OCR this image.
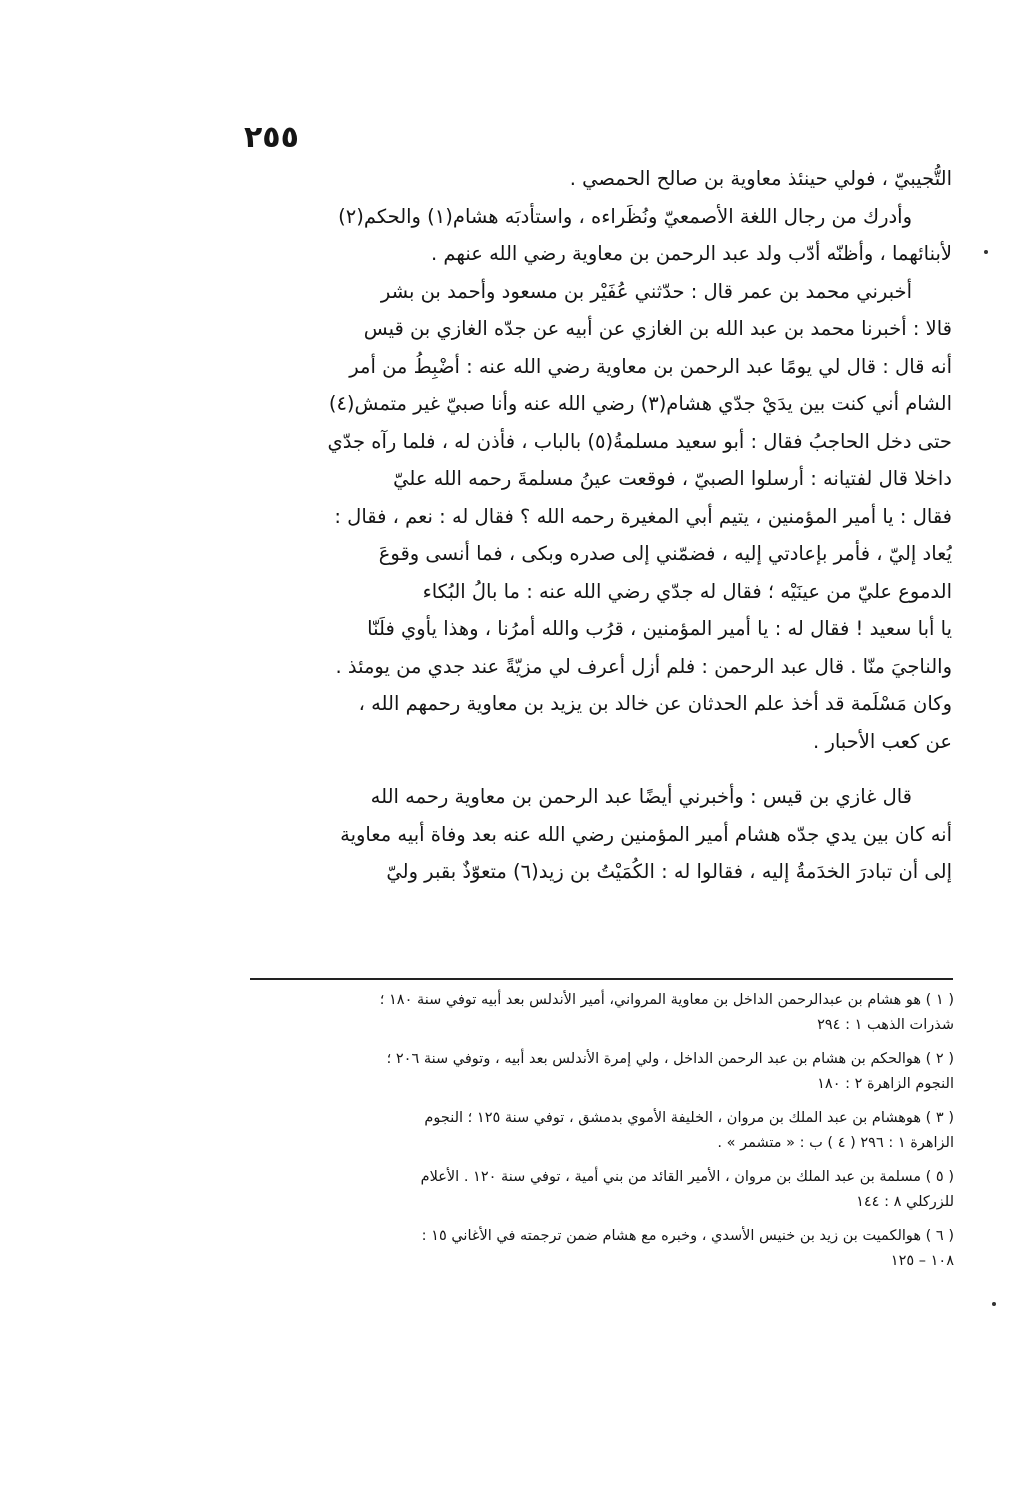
٢٥٥
التُّجيبيّ ، فولي حينئذ معاوية بن صالح الحمصي .
وأدرك من رجال اللغة الأصمعيّ ونُظَراءه ، واستأدبَه هشام(١) والحكم(٢)
لأبنائهما ، وأظنّه أدّب ولد عبد الرحمن بن معاوية رضي الله عنهم .
أخبرني محمد بن عمر قال : حدّثني عُفَيْر بن مسعود وأحمد بن بشر
قالا : أخبرنا محمد بن عبد الله بن الغازي عن أبيه عن جدّه الغازي بن قيس
أنه قال : قال لي يومًا عبد الرحمن بن معاوية رضي الله عنه : أضْبِطُ من أمر
الشام أني كنت بين يدَيْ جدّي هشام(٣) رضي الله عنه وأنا صبيّ غير متمش(٤)
حتى دخل الحاجبُ فقال : أبو سعيد مسلمةُ(٥) بالباب ، فأذن له ، فلما رآه جدّي
داخلا قال لفتيانه : أرسلوا الصبيّ ، فوقعت عينُ مسلمةَ رحمه الله عليّ
فقال : يا أمير المؤمنين ، يتيم أبي المغيرة رحمه الله ؟ فقال له : نعم ، فقال :
يُعاد إليّ ، فأمر بإعادتي إليه ، فضمّني إلى صدره وبكى ، فما أنسى وقوعَ
الدموع عليّ من عينَيْه ؛ فقال له جدّي رضي الله عنه : ما بالُ البُكاء
يا أبا سعيد ! فقال له : يا أمير المؤمنين ، قرُب والله أمرُنا ، وهذا يأوي فلَنّا
والناجيَ منّا . قال عبد الرحمن : فلم أزل أعرف لي مزيّةً عند جدي من يومئذ .
وكان مَسْلَمة قد أخذ علم الحدثان عن خالد بن يزيد بن معاوية رحمهم الله ،
عن كعب الأحبار .
قال غازي بن قيس : وأخبرني أيضًا عبد الرحمن بن معاوية رحمه الله
أنه كان بين يدي جدّه هشام أمير المؤمنين رضي الله عنه بعد وفاة أبيه معاوية
إلى أن تبادرَ الخدَمةُ إليه ، فقالوا له : الكُمَيْتُ بن زيد(٦) متعوّذٌ بقبر وليّ
( ١ ) هو هشام بن عبدالرحمن الداخل بن معاوية المرواني، أمير الأندلس بعد أبيه توفي سنة ١٨٠ ؛
شذرات الذهب ١ : ٢٩٤
( ٢ ) هوالحكم بن هشام بن عبد الرحمن الداخل ، ولي إمرة الأندلس بعد أبيه ، وتوفي سنة ٢٠٦ ؛
النجوم الزاهرة ٢ : ١٨٠
( ٣ ) هوهشام بن عبد الملك بن مروان ، الخليفة الأموي بدمشق ، توفي سنة ١٢٥ ؛ النجوم
الزاهرة ١ : ٢٩٦ ( ٤ ) ب : « متشمر » .
( ٥ ) مسلمة بن عبد الملك بن مروان ، الأمير القائد من بني أمية ، توفي سنة ١٢٠ . الأعلام
للزركلي ٨ : ١٤٤
( ٦ ) هوالكميت بن زيد بن خنيس الأسدي ، وخبره مع هشام ضمن ترجمته في الأغاني ١٥ :
١٠٨ – ١٢٥
